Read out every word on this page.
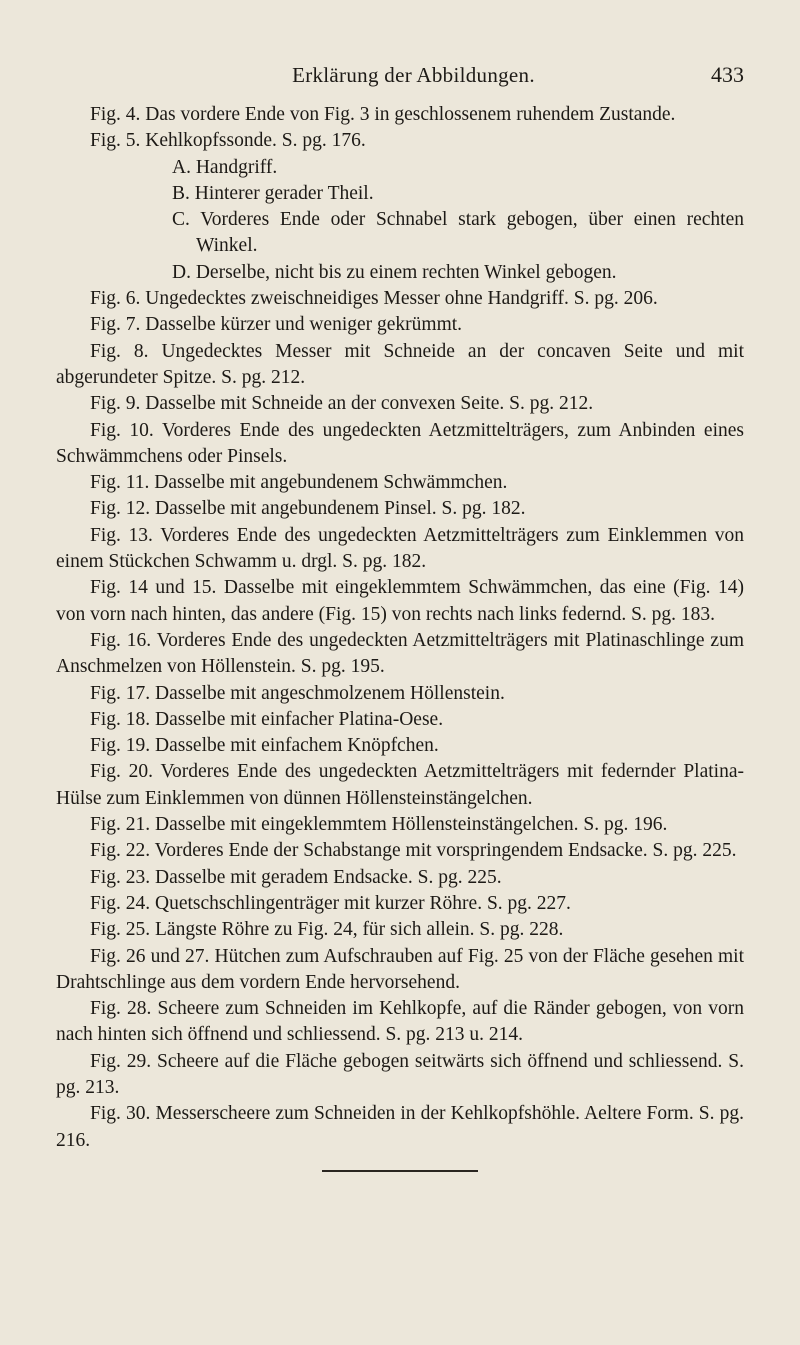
Erklärung der Abbildungen.	433

Fig. 4. Das vordere Ende von Fig. 3 in geschlossenem ruhendem Zustande.

Fig. 5. Kehlkopfssonde. S. pg. 176.

A. Handgriff.

B. Hinterer gerader Theil.

C. Vorderes Ende oder Schnabel stark gebogen, über einen rechten Winkel.

D. Derselbe, nicht bis zu einem rechten Winkel gebogen.

Fig. 6. Ungedecktes zweischneidiges Messer ohne Handgriff. S. pg. 206.

Fig. 7. Dasselbe kürzer und weniger gekrümmt.

Fig. 8. Ungedecktes Messer mit Schneide an der concaven Seite und mit abgerundeter Spitze. S. pg. 212.

Fig. 9. Dasselbe mit Schneide an der convexen Seite. S. pg. 212.

Fig. 10. Vorderes Ende des ungedeckten Aetzmittelträgers, zum Anbinden eines Schwämmchens oder Pinsels.

Fig. 11. Dasselbe mit angebundenem Schwämmchen.

Fig. 12. Dasselbe mit angebundenem Pinsel. S. pg. 182.

Fig. 13. Vorderes Ende des ungedeckten Aetzmittelträgers zum Einklemmen von einem Stückchen Schwamm u. drgl. S. pg. 182.

Fig. 14 und 15. Dasselbe mit eingeklemmtem Schwämmchen, das eine (Fig. 14) von vorn nach hinten, das andere (Fig. 15) von rechts nach links federnd. S. pg. 183.

Fig. 16. Vorderes Ende des ungedeckten Aetzmittelträgers mit Platinaschlinge zum Anschmelzen von Höllenstein. S. pg. 195.

Fig. 17. Dasselbe mit angeschmolzenem Höllenstein.

Fig. 18. Dasselbe mit einfacher Platina-Oese.

Fig. 19. Dasselbe mit einfachem Knöpfchen.

Fig. 20. Vorderes Ende des ungedeckten Aetzmittelträgers mit federnder Platina-Hülse zum Einklemmen von dünnen Höllensteinstängelchen.

Fig. 21. Dasselbe mit eingeklemmtem Höllensteinstängelchen. S. pg. 196.

Fig. 22. Vorderes Ende der Schabstange mit vorspringendem Endsacke. S. pg. 225.

Fig. 23. Dasselbe mit geradem Endsacke. S. pg. 225.

Fig. 24. Quetschschlingenträger mit kurzer Röhre. S. pg. 227.

Fig. 25. Längste Röhre zu Fig. 24, für sich allein. S. pg. 228.

Fig. 26 und 27. Hütchen zum Aufschrauben auf Fig. 25 von der Fläche gesehen mit Drahtschlinge aus dem vordern Ende hervorsehend.

Fig. 28. Scheere zum Schneiden im Kehlkopfe, auf die Ränder gebogen, von vorn nach hinten sich öffnend und schliessend. S. pg. 213 u. 214.

Fig. 29. Scheere auf die Fläche gebogen seitwärts sich öffnend und schliessend. S. pg. 213.

Fig. 30. Messerscheere zum Schneiden in der Kehlkopfshöhle. Aeltere Form. S. pg. 216.
